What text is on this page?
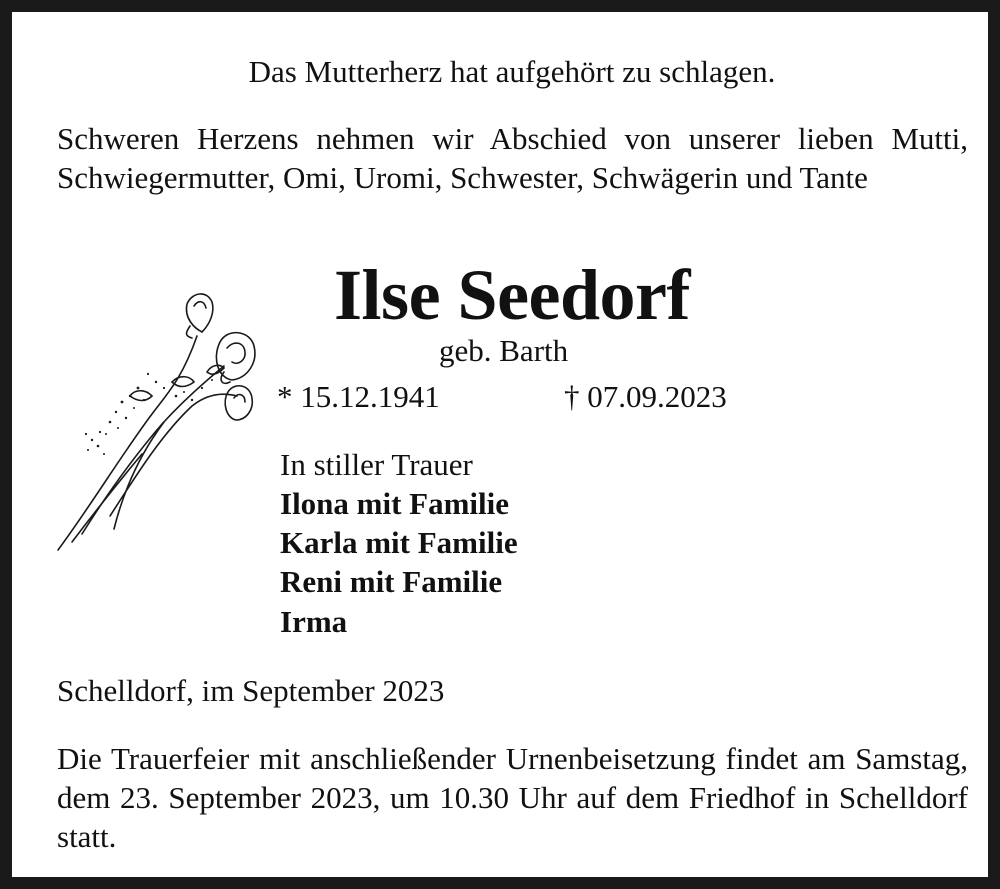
Das Mutterherz hat aufgehört zu schlagen.
Schweren Herzens nehmen wir Abschied von unserer lieben Mutti, Schwiegermutter, Omi, Uromi, Schwester, Schwägerin und Tante
Ilse Seedorf
geb. Barth
* 15.12.1941	† 07.09.2023
In stiller Trauer
Ilona mit Familie
Karla mit Familie
Reni mit Familie
Irma
Schelldorf, im September 2023
Die Trauerfeier mit anschließender Urnenbeisetzung findet am Samstag, dem 23. September 2023, um 10.30 Uhr auf dem Friedhof in Schelldorf statt.
